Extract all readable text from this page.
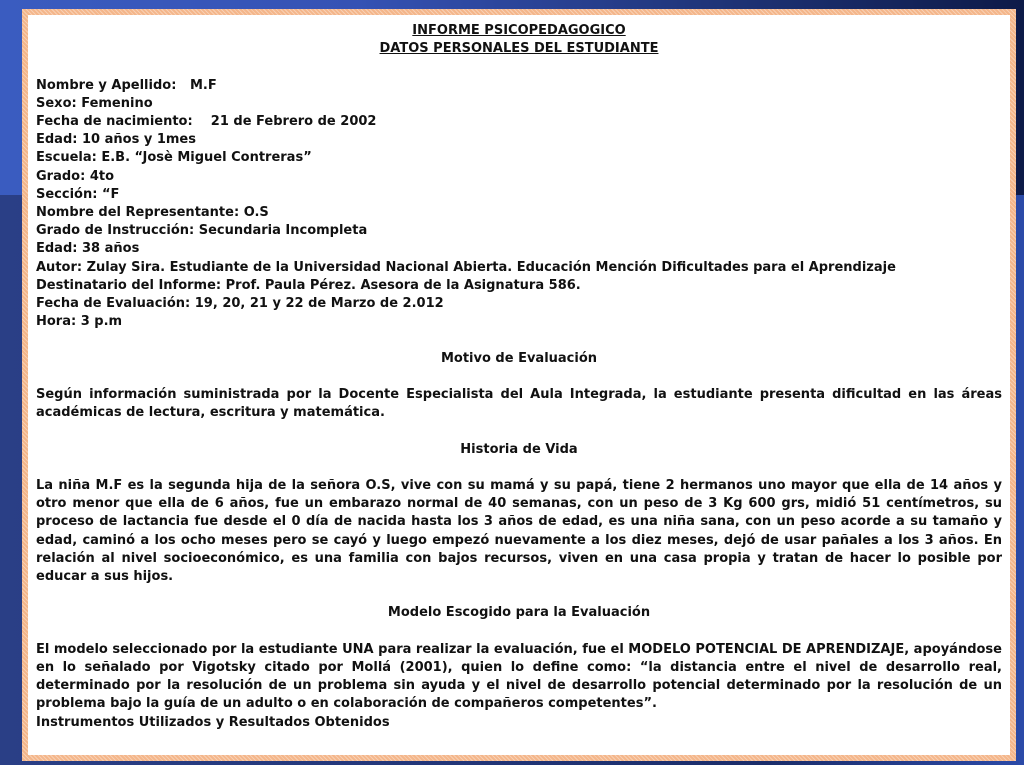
INFORME PSICOPEDAGOGICO

DATOS PERSONALES DEL ESTUDIANTE

Nombre y Apellido:   M.F

Sexo: Femenino

Fecha de nacimiento:    21 de Febrero de 2002

Edad: 10 años y 1mes

Escuela: E.B. “Josè Miguel Contreras”

Grado: 4to

Sección: “F

Nombre del Representante: O.S

Grado de Instrucción: Secundaria Incompleta

Edad: 38 años

Autor: Zulay Sira. Estudiante de la Universidad Nacional Abierta. Educación Mención Dificultades para el Aprendizaje

Destinatario del Informe: Prof. Paula Pérez. Asesora de la Asignatura 586.

Fecha de Evaluación: 19, 20, 21 y 22 de Marzo de 2.012

Hora: 3 p.m

Motivo de Evaluación

Según información suministrada por la Docente Especialista del Aula Integrada, la estudiante presenta dificultad en las áreas académicas de lectura, escritura y matemática.

Historia de Vida

La niña M.F es la segunda hija de la señora O.S, vive con su mamá y su papá, tiene 2 hermanos uno mayor que ella de 14 años y otro menor que ella de 6 años, fue un embarazo normal de 40 semanas, con un peso de 3 Kg 600 grs, midió 51 centímetros, su proceso de lactancia fue desde el 0 día de nacida hasta los 3 años de edad, es una niña sana, con un peso acorde a su tamaño y edad, caminó a los ocho meses pero se cayó y luego empezó nuevamente a los diez meses, dejó de usar pañales a los 3 años. En relación al nivel socioeconómico, es una familia con bajos recursos, viven en una casa propia y tratan de hacer lo posible por educar a sus hijos.

Modelo Escogido para la Evaluación

El modelo seleccionado por la estudiante UNA para realizar la evaluación, fue el MODELO POTENCIAL DE APRENDIZAJE, apoyándose en lo señalado por Vigotsky citado por Mollá (2001), quien lo define como: “la distancia entre el nivel de desarrollo real, determinado por la resolución de un problema sin ayuda y el nivel de desarrollo potencial determinado por la resolución de un problema bajo la guía de un adulto o en colaboración de compañeros competentes”.

Instrumentos Utilizados y Resultados Obtenidos
